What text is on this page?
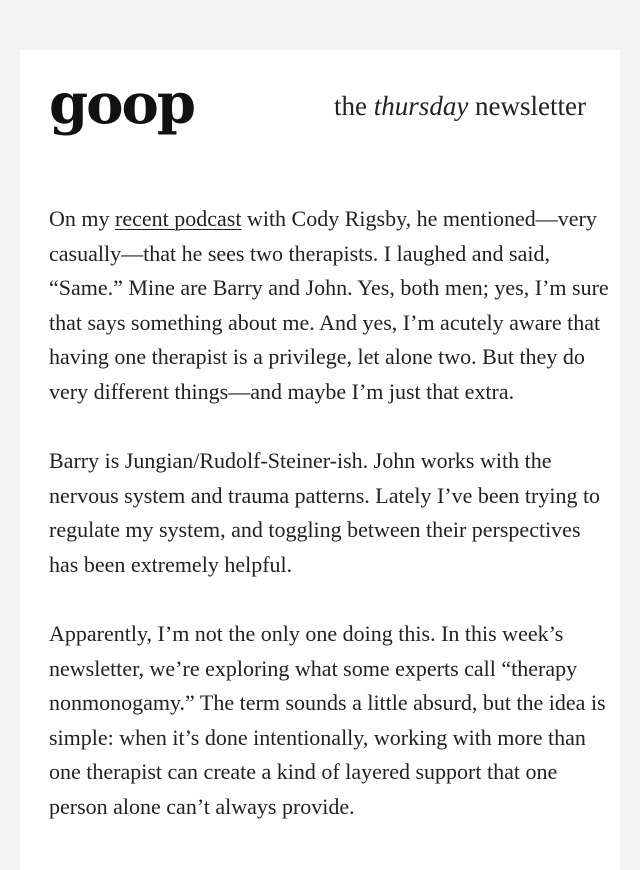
goop	the thursday newsletter

On my recent podcast with Cody Rigsby, he mentioned—very casually—that he sees two therapists. I laughed and said, “Same.” Mine are Barry and John. Yes, both men; yes, I’m sure that says something about me. And yes, I’m acutely aware that having one therapist is a privilege, let alone two. But they do very different things—and maybe I’m just that extra.

Barry is Jungian/Rudolf-Steiner-ish. John works with the nervous system and trauma patterns. Lately I’ve been trying to regulate my system, and toggling between their perspectives has been extremely helpful.

Apparently, I’m not the only one doing this. In this week’s newsletter, we’re exploring what some experts call “therapy nonmonogamy.” The term sounds a little absurd, but the idea is simple: when it’s done intentionally, working with more than one therapist can create a kind of layered support that one person alone can’t always provide.
